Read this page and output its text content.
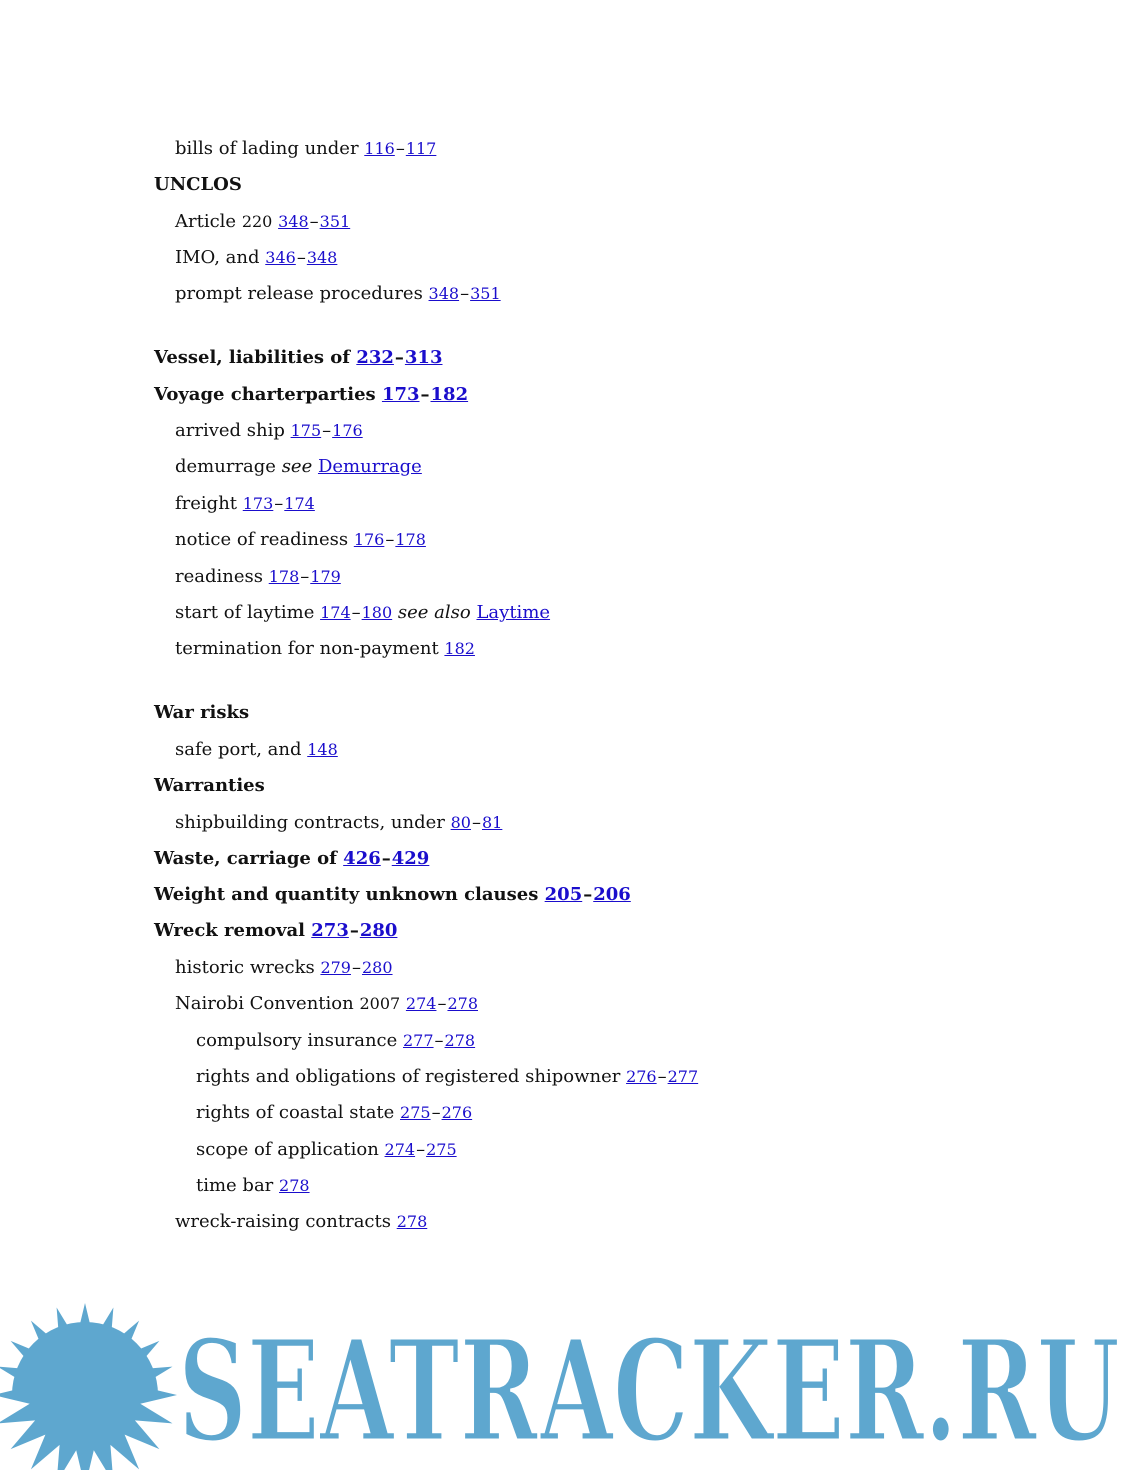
bills of lading under 116–117
UNCLOS
Article 220 348–351
IMO, and 346–348
prompt release procedures 348–351
Vessel, liabilities of 232–313
Voyage charterparties 173–182
arrived ship 175–176
demurrage see Demurrage
freight 173–174
notice of readiness 176–178
readiness 178–179
start of laytime 174–180 see also Laytime
termination for non-payment 182
War risks
safe port, and 148
Warranties
shipbuilding contracts, under 80–81
Waste, carriage of 426–429
Weight and quantity unknown clauses 205–206
Wreck removal 273–280
historic wrecks 279–280
Nairobi Convention 2007 274–278
compulsory insurance 277–278
rights and obligations of registered shipowner 276–277
rights of coastal state 275–276
scope of application 274–275
time bar 278
wreck-raising contracts 278
SEATRACKER.RU
